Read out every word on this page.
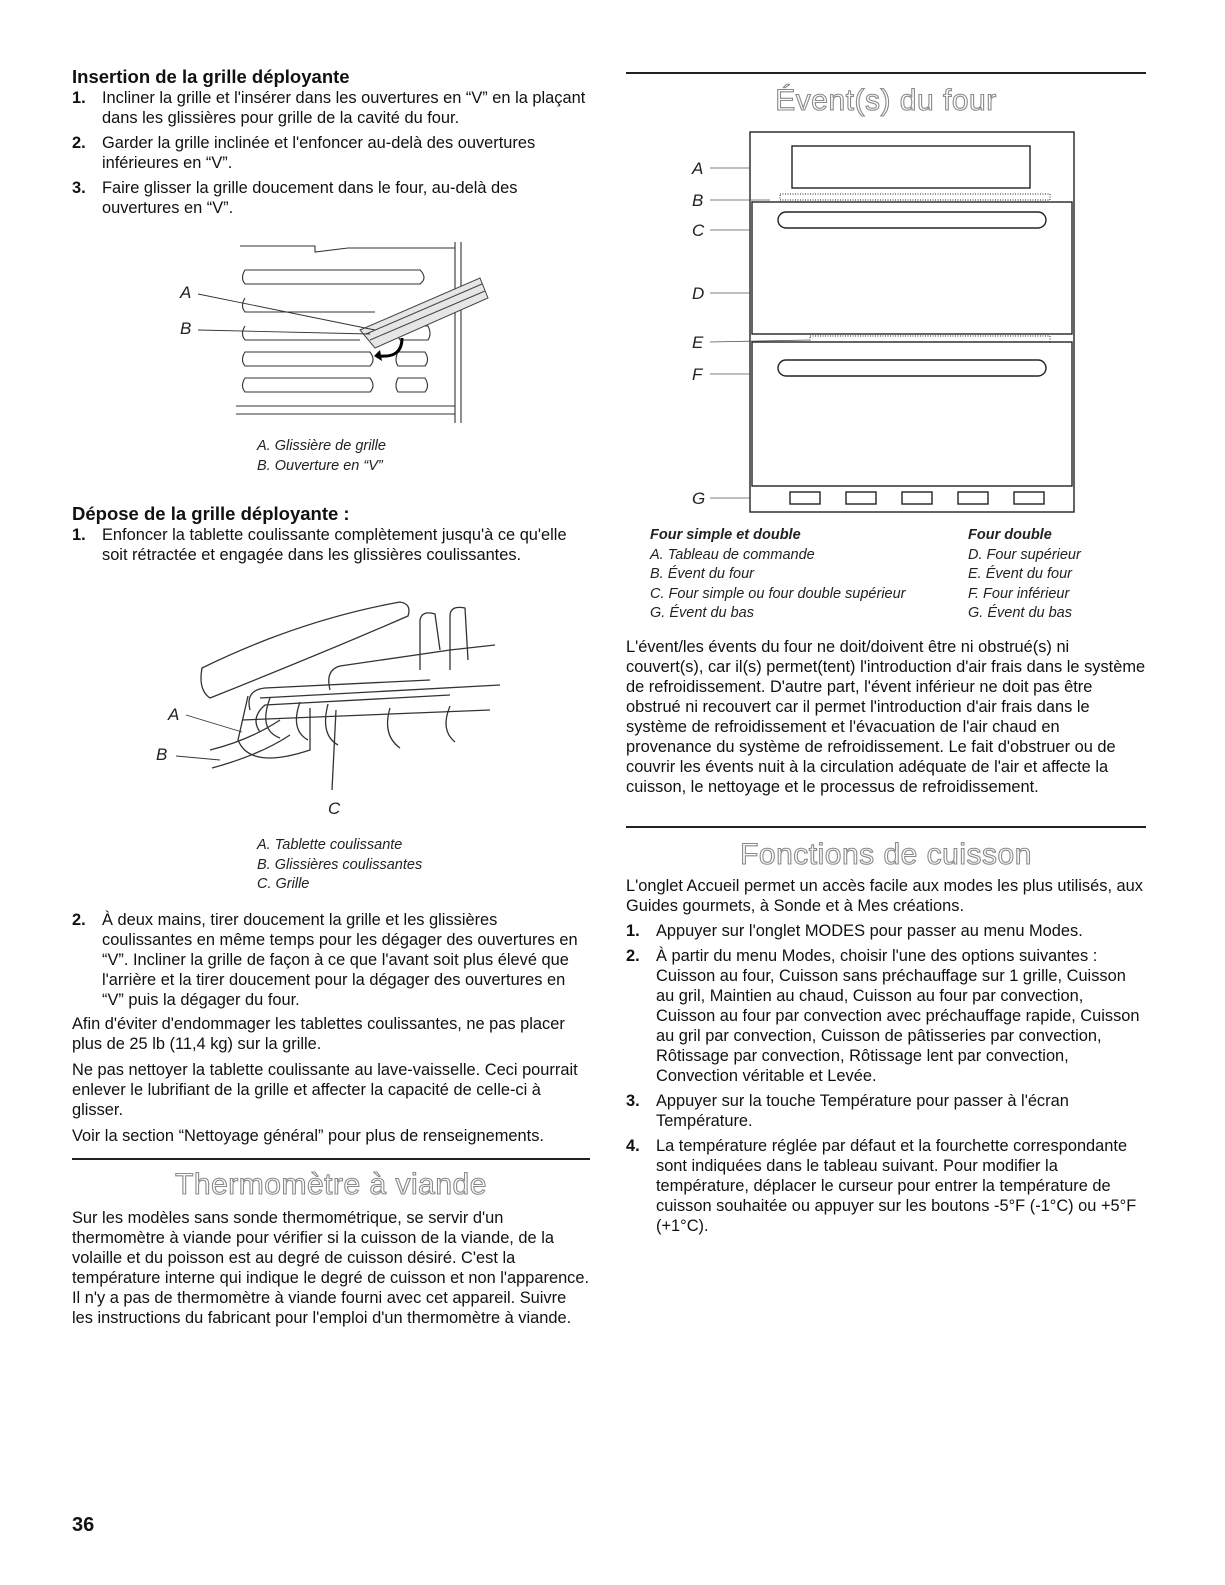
Insertion de la grille déployante
1. Incliner la grille et l'insérer dans les ouvertures en “V” en la plaçant dans les glissières pour grille de la cavité du four.
2. Garder la grille inclinée et l'enfoncer au-delà des ouvertures inférieures en “V”.
3. Faire glisser la grille doucement dans le four, au-delà des ouvertures en “V”.
A
B
A. Glissière de grille
B. Ouverture en “V”
Dépose de la grille déployante :
1. Enfoncer la tablette coulissante complètement jusqu'à ce qu'elle soit rétractée et engagée dans les glissières coulissantes.
A
B
C
A. Tablette coulissante
B. Glissières coulissantes
C. Grille
2. À deux mains, tirer doucement la grille et les glissières coulissantes en même temps pour les dégager des ouvertures en “V”. Incliner la grille de façon à ce que l'avant soit plus élevé que l'arrière et la tirer doucement pour la dégager des ouvertures en “V” puis la dégager du four.

Afin d'éviter d'endommager les tablettes coulissantes, ne pas placer plus de 25 lb (11,4 kg) sur la grille.

Ne pas nettoyer la tablette coulissante au lave-vaisselle. Ceci pourrait enlever le lubrifiant de la grille et affecter la capacité de celle-ci à glisser.

Voir la section “Nettoyage général” pour plus de renseignements.

Thermomètre à viande

Sur les modèles sans sonde thermométrique, se servir d'un thermomètre à viande pour vérifier si la cuisson de la viande, de la volaille et du poisson est au degré de cuisson désiré. C'est la température interne qui indique le degré de cuisson et non l'apparence. Il n'y a pas de thermomètre à viande fourni avec cet appareil. Suivre les instructions du fabricant pour l'emploi d'un thermomètre à viande.

Évent(s) du four
A
B
C
D
E
F
G
Four simple et double
A. Tableau de commande
B. Évent du four
C. Four simple ou four double supérieur
G. Évent du bas
Four double
D. Four supérieur
E. Évent du four
F. Four inférieur
G. Évent du bas

L'évent/les évents du four ne doit/doivent être ni obstrué(s) ni couvert(s), car il(s) permet(tent) l'introduction d'air frais dans le système de refroidissement. D'autre part, l'évent inférieur ne doit pas être obstrué ni recouvert car il permet l'introduction d'air frais dans le système de refroidissement et l'évacuation de l'air chaud en provenance du système de refroidissement. Le fait d'obstruer ou de couvrir les évents nuit à la circulation adéquate de l'air et affecte la cuisson, le nettoyage et le processus de refroidissement.

Fonctions de cuisson

L'onglet Accueil permet un accès facile aux modes les plus utilisés, aux Guides gourmets, à Sonde et à Mes créations.

1. Appuyer sur l'onglet MODES pour passer au menu Modes.
2. À partir du menu Modes, choisir l'une des options suivantes : Cuisson au four, Cuisson sans préchauffage sur 1 grille, Cuisson au gril, Maintien au chaud, Cuisson au four par convection, Cuisson au four par convection avec préchauffage rapide, Cuisson au gril par convection, Cuisson de pâtisseries par convection, Rôtissage par convection, Rôtissage lent par convection, Convection véritable et Levée.
3. Appuyer sur la touche Température pour passer à l'écran Température.
4. La température réglée par défaut et la fourchette correspondante sont indiquées dans le tableau suivant. Pour modifier la température, déplacer le curseur pour entrer la température de cuisson souhaitée ou appuyer sur les boutons -5°F (-1°C) ou +5°F (+1°C).
36
